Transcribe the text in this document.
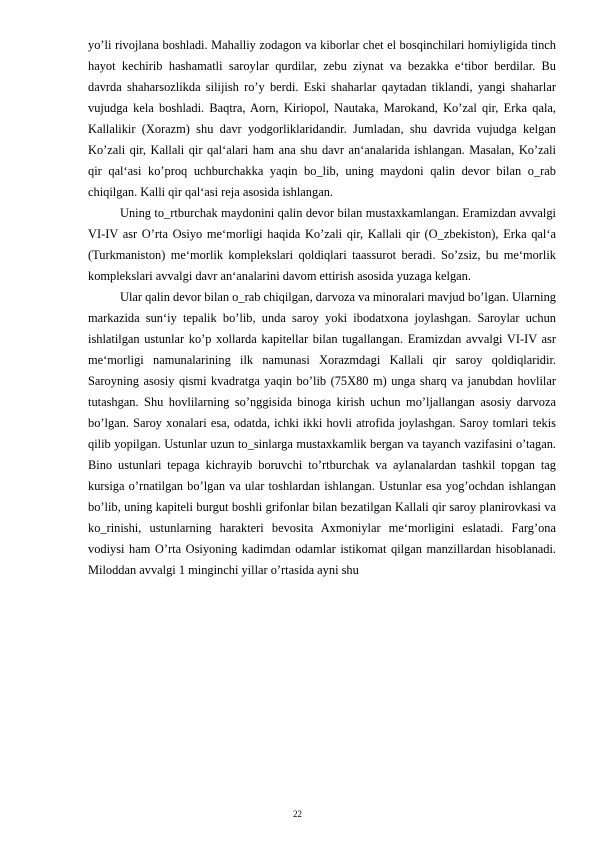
yo’li rivojlana boshladi. Mahalliy zodagon va kiborlar chet el bosqinchilari homiyligida tinch hayot kechirib hashamatli saroylar qurdilar, zebu ziynat va bezakka e‘tibor berdilar. Bu davrda shaharsozlikda silijish ro’y berdi. Eski shaharlar qaytadan tiklandi, yangi shaharlar vujudga kela boshladi. Baqtra, Aorn, Kiriopol, Nautaka, Marokand, Ko’zal qir, Erka qala, Kallalikir (Xorazm) shu davr yodgorliklaridandir. Jumladan, shu davrida vujudga kelgan Ko’zali qir, Kallali qir qal‘alari ham ana shu davr an‘analarida ishlangan. Masalan, Ko’zali qir qal‘asi ko’proq uchburchakka yaqin bo_lib, uning maydoni qalin devor bilan o_rab chiqilgan. Kalli qir qal‘asi reja asosida ishlangan.

Uning to_rtburchak maydonini qalin devor bilan mustaxkamlangan. Eramizdan avvalgi VI-IV asr O’rta Osiyo me‘morligi haqida Ko’zali qir, Kallali qir (O_zbekiston), Erka qal‘a (Turkmaniston) me‘morlik komplekslari qoldiqlari taassurot beradi. So’zsiz, bu me‘morlik komplekslari avvalgi davr an‘analarini davom ettirish asosida yuzaga kelgan.

Ular qalin devor bilan o_rab chiqilgan, darvoza va minoralari mavjud bo’lgan. Ularning markazida sun‘iy tepalik bo’lib, unda saroy yoki ibodatxona joylashgan. Saroylar uchun ishlatilgan ustunlar ko’p xollarda kapitellar bilan tugallangan. Eramizdan avvalgi VI-IV asr me‘morligi namunalarining ilk namunasi Xorazmdagi Kallali qir saroy qoldiqlaridir. Saroyning asosiy qismi kvadratga yaqin bo’lib (75X80 m) unga sharq va janubdan hovlilar tutashgan. Shu hovlilarning so’nggisida binoga kirish uchun mo’ljallangan asosiy darvoza bo’lgan. Saroy xonalari esa, odatda, ichki ikki hovli atrofida joylashgan. Saroy tomlari tekis qilib yopilgan. Ustunlar uzun to_sinlarga mustaxkamlik bergan va tayanch vazifasini o’tagan. Bino ustunlari tepaga kichrayib boruvchi to’rtburchak va aylanalardan tashkil topgan tag kursiga o’rnatilgan bo’lgan va ular toshlardan ishlangan. Ustunlar esa yog’ochdan ishlangan bo’lib, uning kapiteli burgut boshli grifonlar bilan bezatilgan Kallali qir saroy planirovkasi va ko_rinishi, ustunlarning harakteri bevosita Axmoniylar me‘morligini eslatadi. Farg’ona vodiysi ham O’rta Osiyoning kadimdan odamlar istikomat qilgan manzillardan hisoblanadi. Miloddan avvalgi 1 minginchi yillar o’rtasida ayni shu

22
